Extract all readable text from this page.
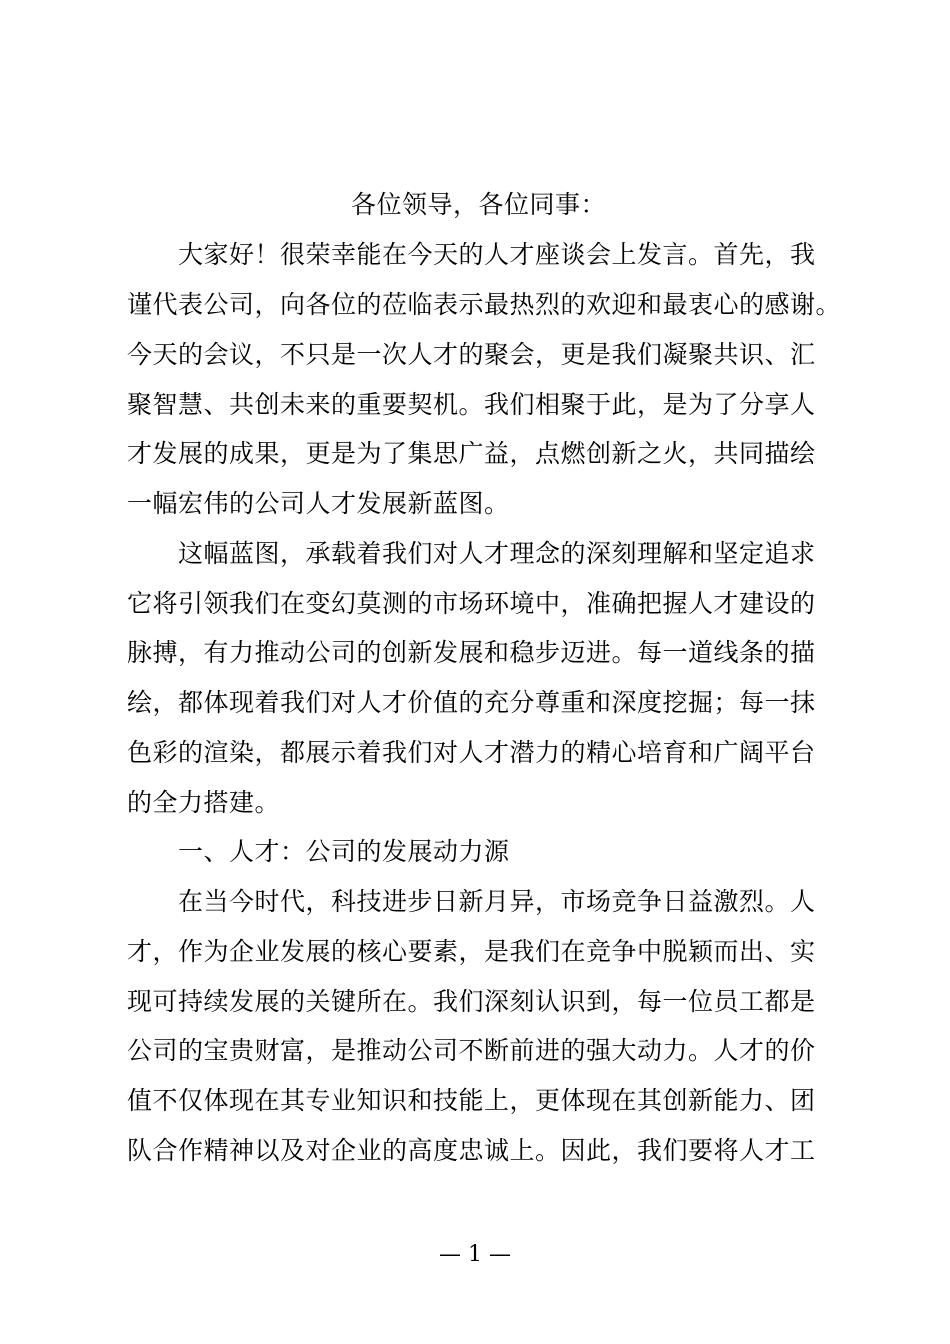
各位领导，各位同事：
大家好！很荣幸能在今天的人才座谈会上发言。首先，我
谨代表公司，向各位的莅临表示最热烈的欢迎和最衷心的感谢。
今天的会议，不只是一次人才的聚会，更是我们凝聚共识、汇
聚智慧、共创未来的重要契机。我们相聚于此，是为了分享人
才发展的成果，更是为了集思广益，点燃创新之火，共同描绘
一幅宏伟的公司人才发展新蓝图。
这幅蓝图，承载着我们对人才理念的深刻理解和坚定追求
它将引领我们在变幻莫测的市场环境中，准确把握人才建设的
脉搏，有力推动公司的创新发展和稳步迈进。每一道线条的描
绘，都体现着我们对人才价值的充分尊重和深度挖掘；每一抹
色彩的渲染，都展示着我们对人才潜力的精心培育和广阔平台
的全力搭建。
一、人才：公司的发展动力源
在当今时代，科技进步日新月异，市场竞争日益激烈。人
才，作为企业发展的核心要素，是我们在竞争中脱颖而出、实
现可持续发展的关键所在。我们深刻认识到，每一位员工都是
公司的宝贵财富，是推动公司不断前进的强大动力。人才的价
值不仅体现在其专业知识和技能上，更体现在其创新能力、团
队合作精神以及对企业的高度忠诚上。因此，我们要将人才工
— 1 —
